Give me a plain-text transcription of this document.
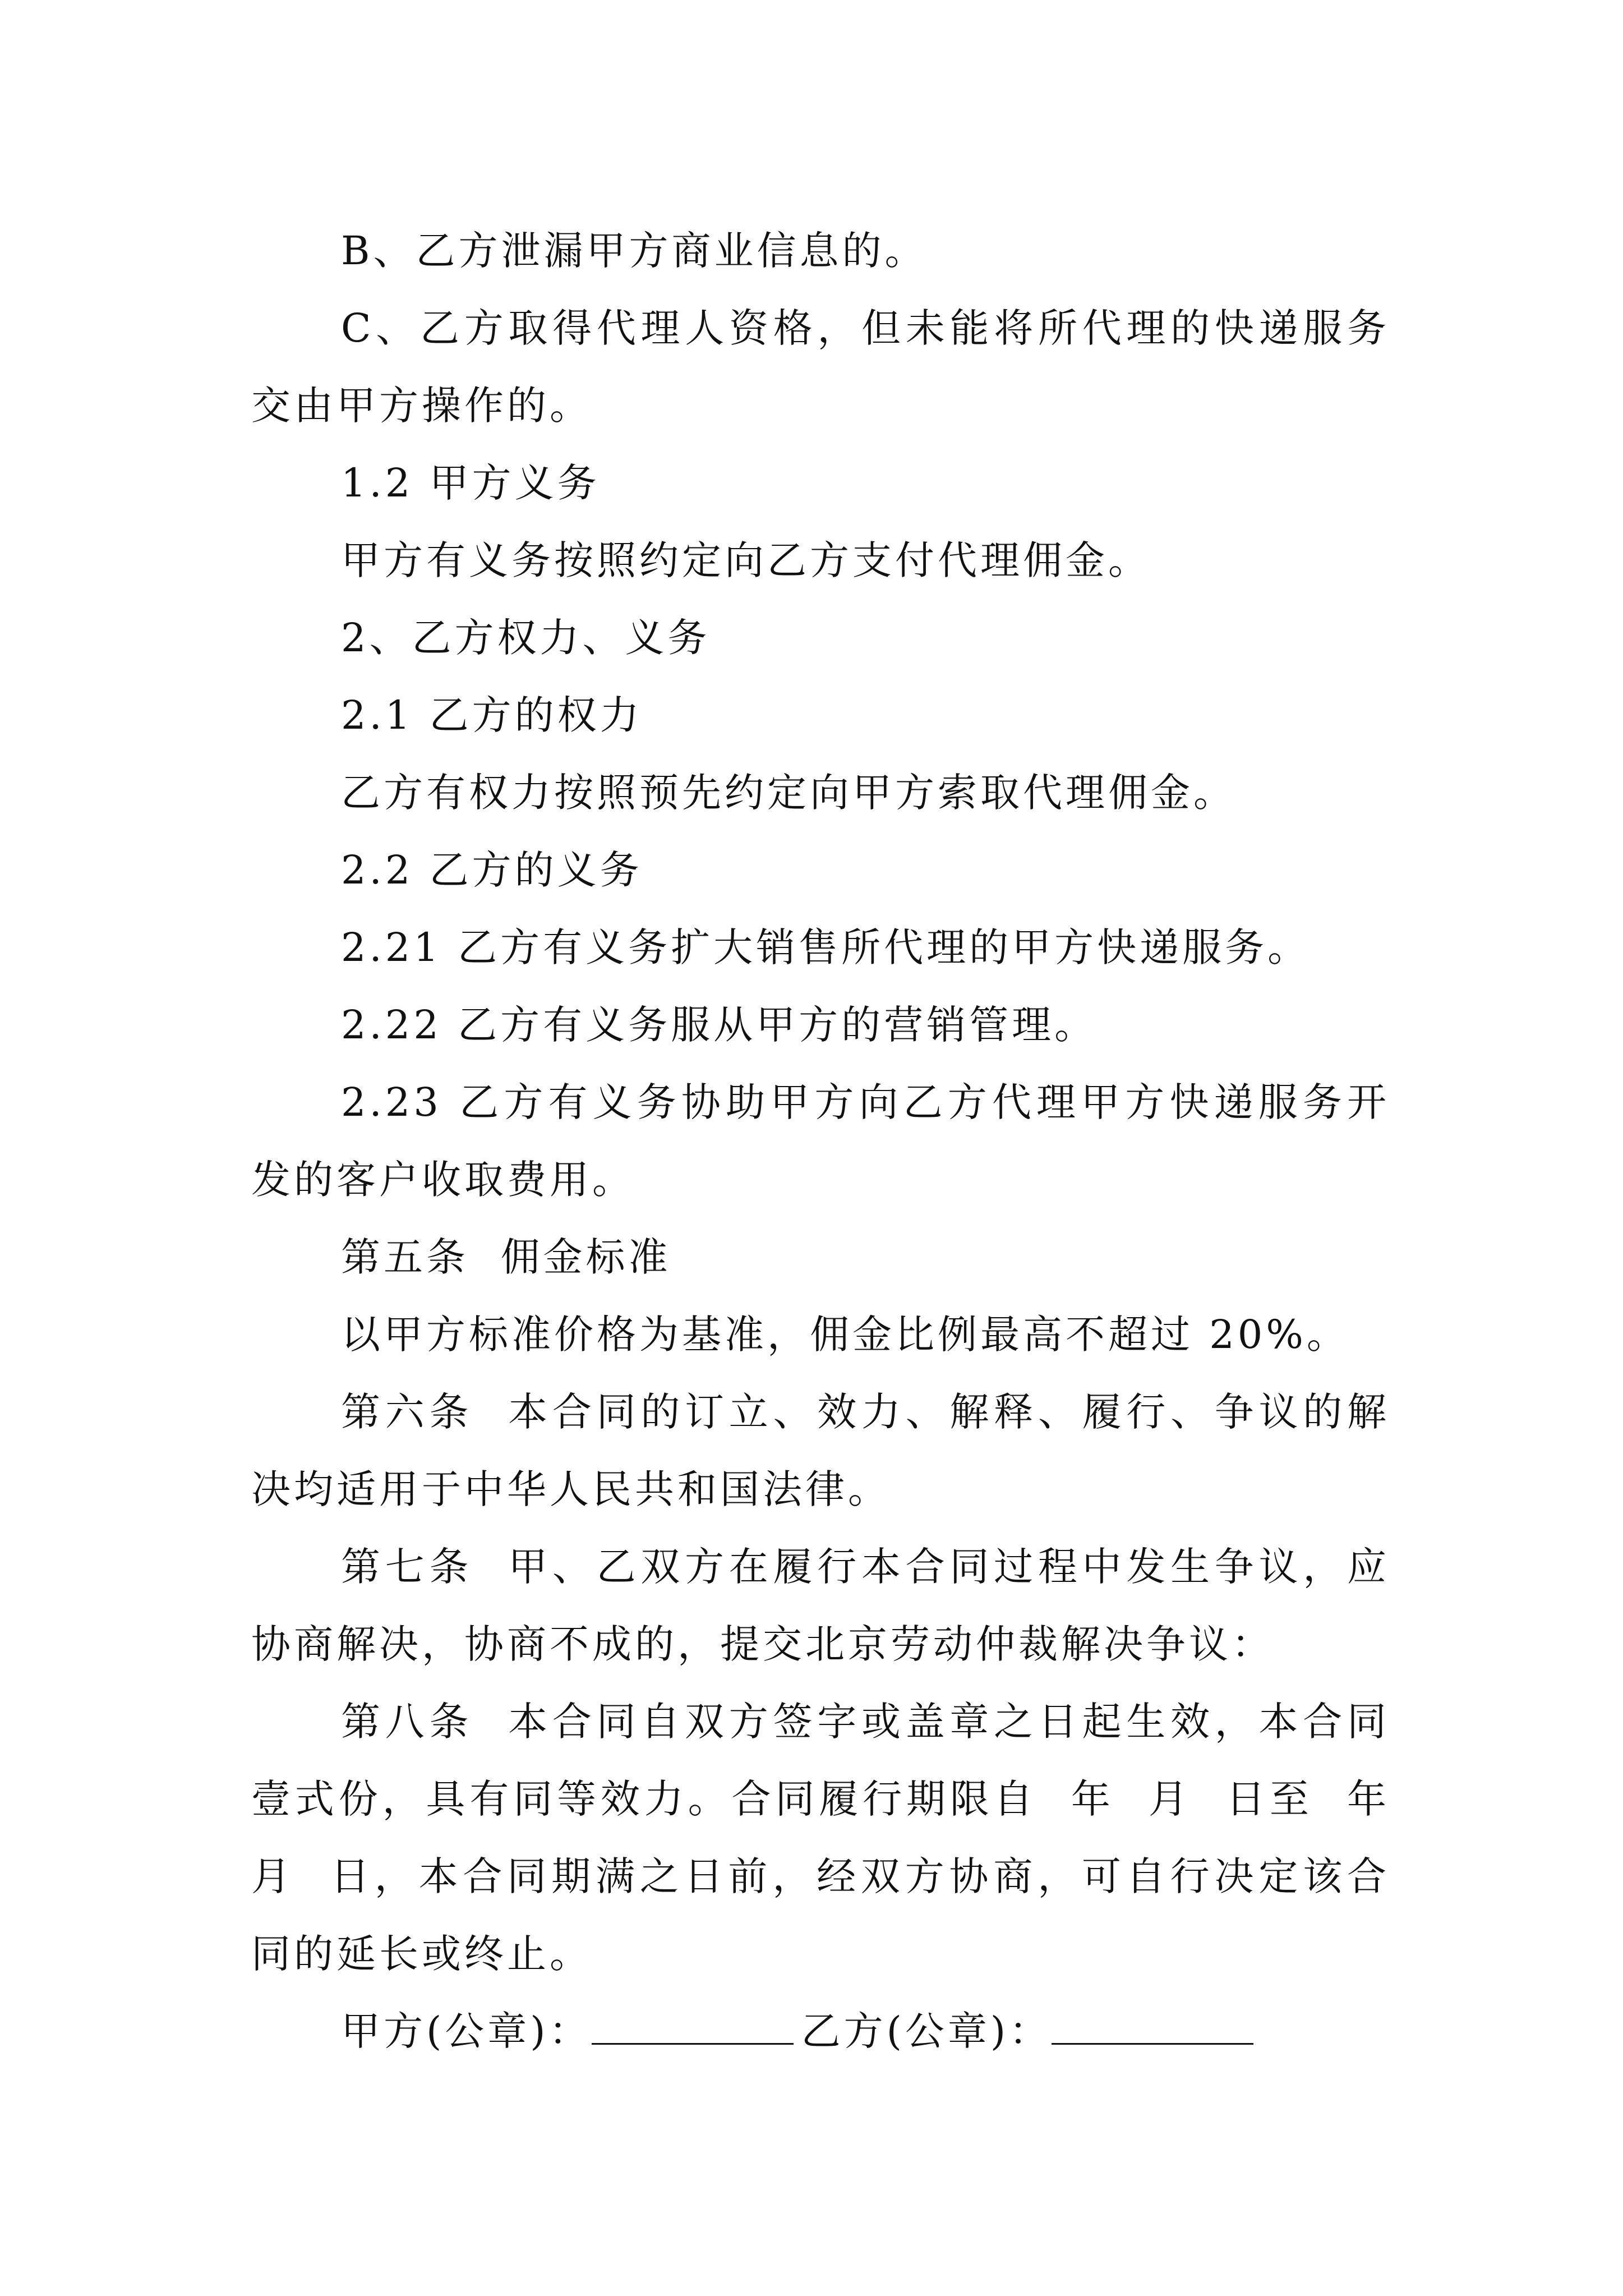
B、乙方泄漏甲方商业信息的。

C、乙方取得代理人资格，但未能将所代理的快递服务交由甲方操作的。

1.2 甲方义务

甲方有义务按照约定向乙方支付代理佣金。

2、乙方权力、义务

2.1 乙方的权力

乙方有权力按照预先约定向甲方索取代理佣金。

2.2 乙方的义务

2.21 乙方有义务扩大销售所代理的甲方快递服务。

2.22 乙方有义务服从甲方的营销管理。

2.23 乙方有义务协助甲方向乙方代理甲方快递服务开发的客户收取费用。

第五条  佣金标准

以甲方标准价格为基准，佣金比例最高不超过 20%。

第六条  本合同的订立、效力、解释、履行、争议的解决均适用于中华人民共和国法律。

第七条  甲、乙双方在履行本合同过程中发生争议，应协商解决，协商不成的，提交北京劳动仲裁解决争议：

第八条  本合同自双方签字或盖章之日起生效，本合同壹式份，具有同等效力。合同履行期限自  年  月  日至  年  月  日，本合同期满之日前，经双方协商，可自行决定该合同的延长或终止。

甲方(公章)：	乙方(公章)：
